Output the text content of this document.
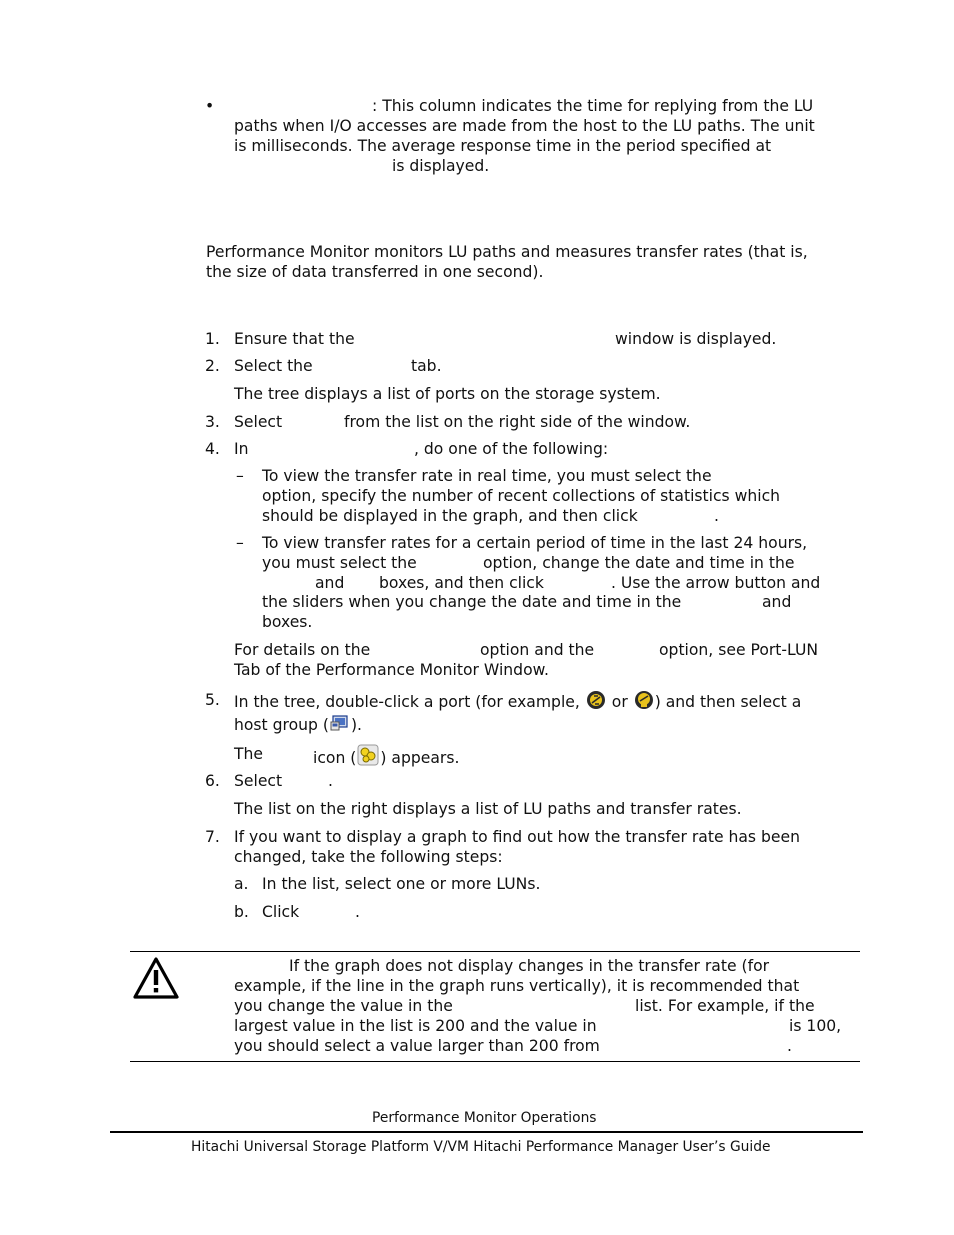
•	: This column indicates the time for replying from the LU
paths when I/O accesses are made from the host to the LU paths. The unit
is milliseconds. The average response time in the period specified at
is displayed.
Performance Monitor monitors LU paths and measures transfer rates (that is,
the size of data transferred in one second).
1. Ensure that the	window is displayed.
2. Select the	tab.
The tree displays a list of ports on the storage system.
3. Select	from the list on the right side of the window.
4. In	, do one of the following:
– To view the transfer rate in real time, you must select the
option, specify the number of recent collections of statistics which
should be displayed in the graph, and then click	.
– To view transfer rates for a certain period of time in the last 24 hours,
you must select the	option, change the date and time in the
and boxes, and then click	. Use the arrow button and
the sliders when you change the date and time in the	and
boxes.
For details on the	option and the	option, see Port-LUN
Tab of the Performance Monitor Window.
5. In the tree, double-click a port (for example, or ) and then select a
host group ( ).
The	icon ( ) appears.
6. Select	.
The list on the right displays a list of LU paths and transfer rates.
7. If you want to display a graph to find out how the transfer rate has been
changed, take the following steps:
a. In the list, select one or more LUNs.
b. Click	.
If the graph does not display changes in the transfer rate (for
example, if the line in the graph runs vertically), it is recommended that
you change the value in the	list. For example, if the
largest value in the list is 200 and the value in	is 100,
you should select a value larger than 200 from	.
Performance Monitor Operations
Hitachi Universal Storage Platform V/VM Hitachi Performance Manager User’s Guide
